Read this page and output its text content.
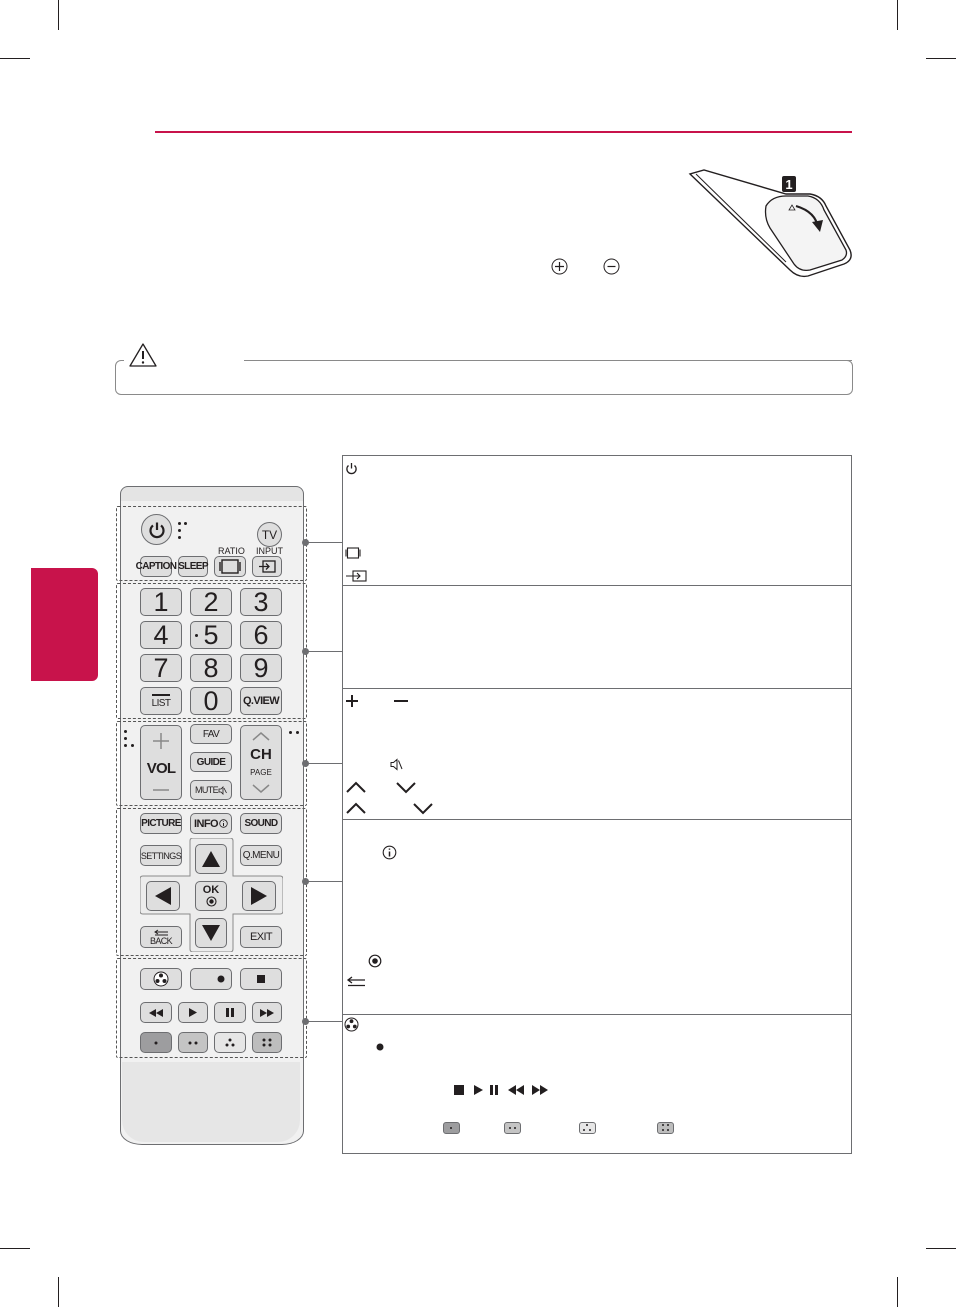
1
TV
RATIO INPUT
CAPTION SLEEP
1 2 3
4 5 6
7 8 9
LIST 0 Q.VIEW
VOL
FAV
GUIDE
MUTE
CH
PAGE
PICTURE INFO	SOUND
SETTINGS	Q.MENU
OK
BACK	EXIT
